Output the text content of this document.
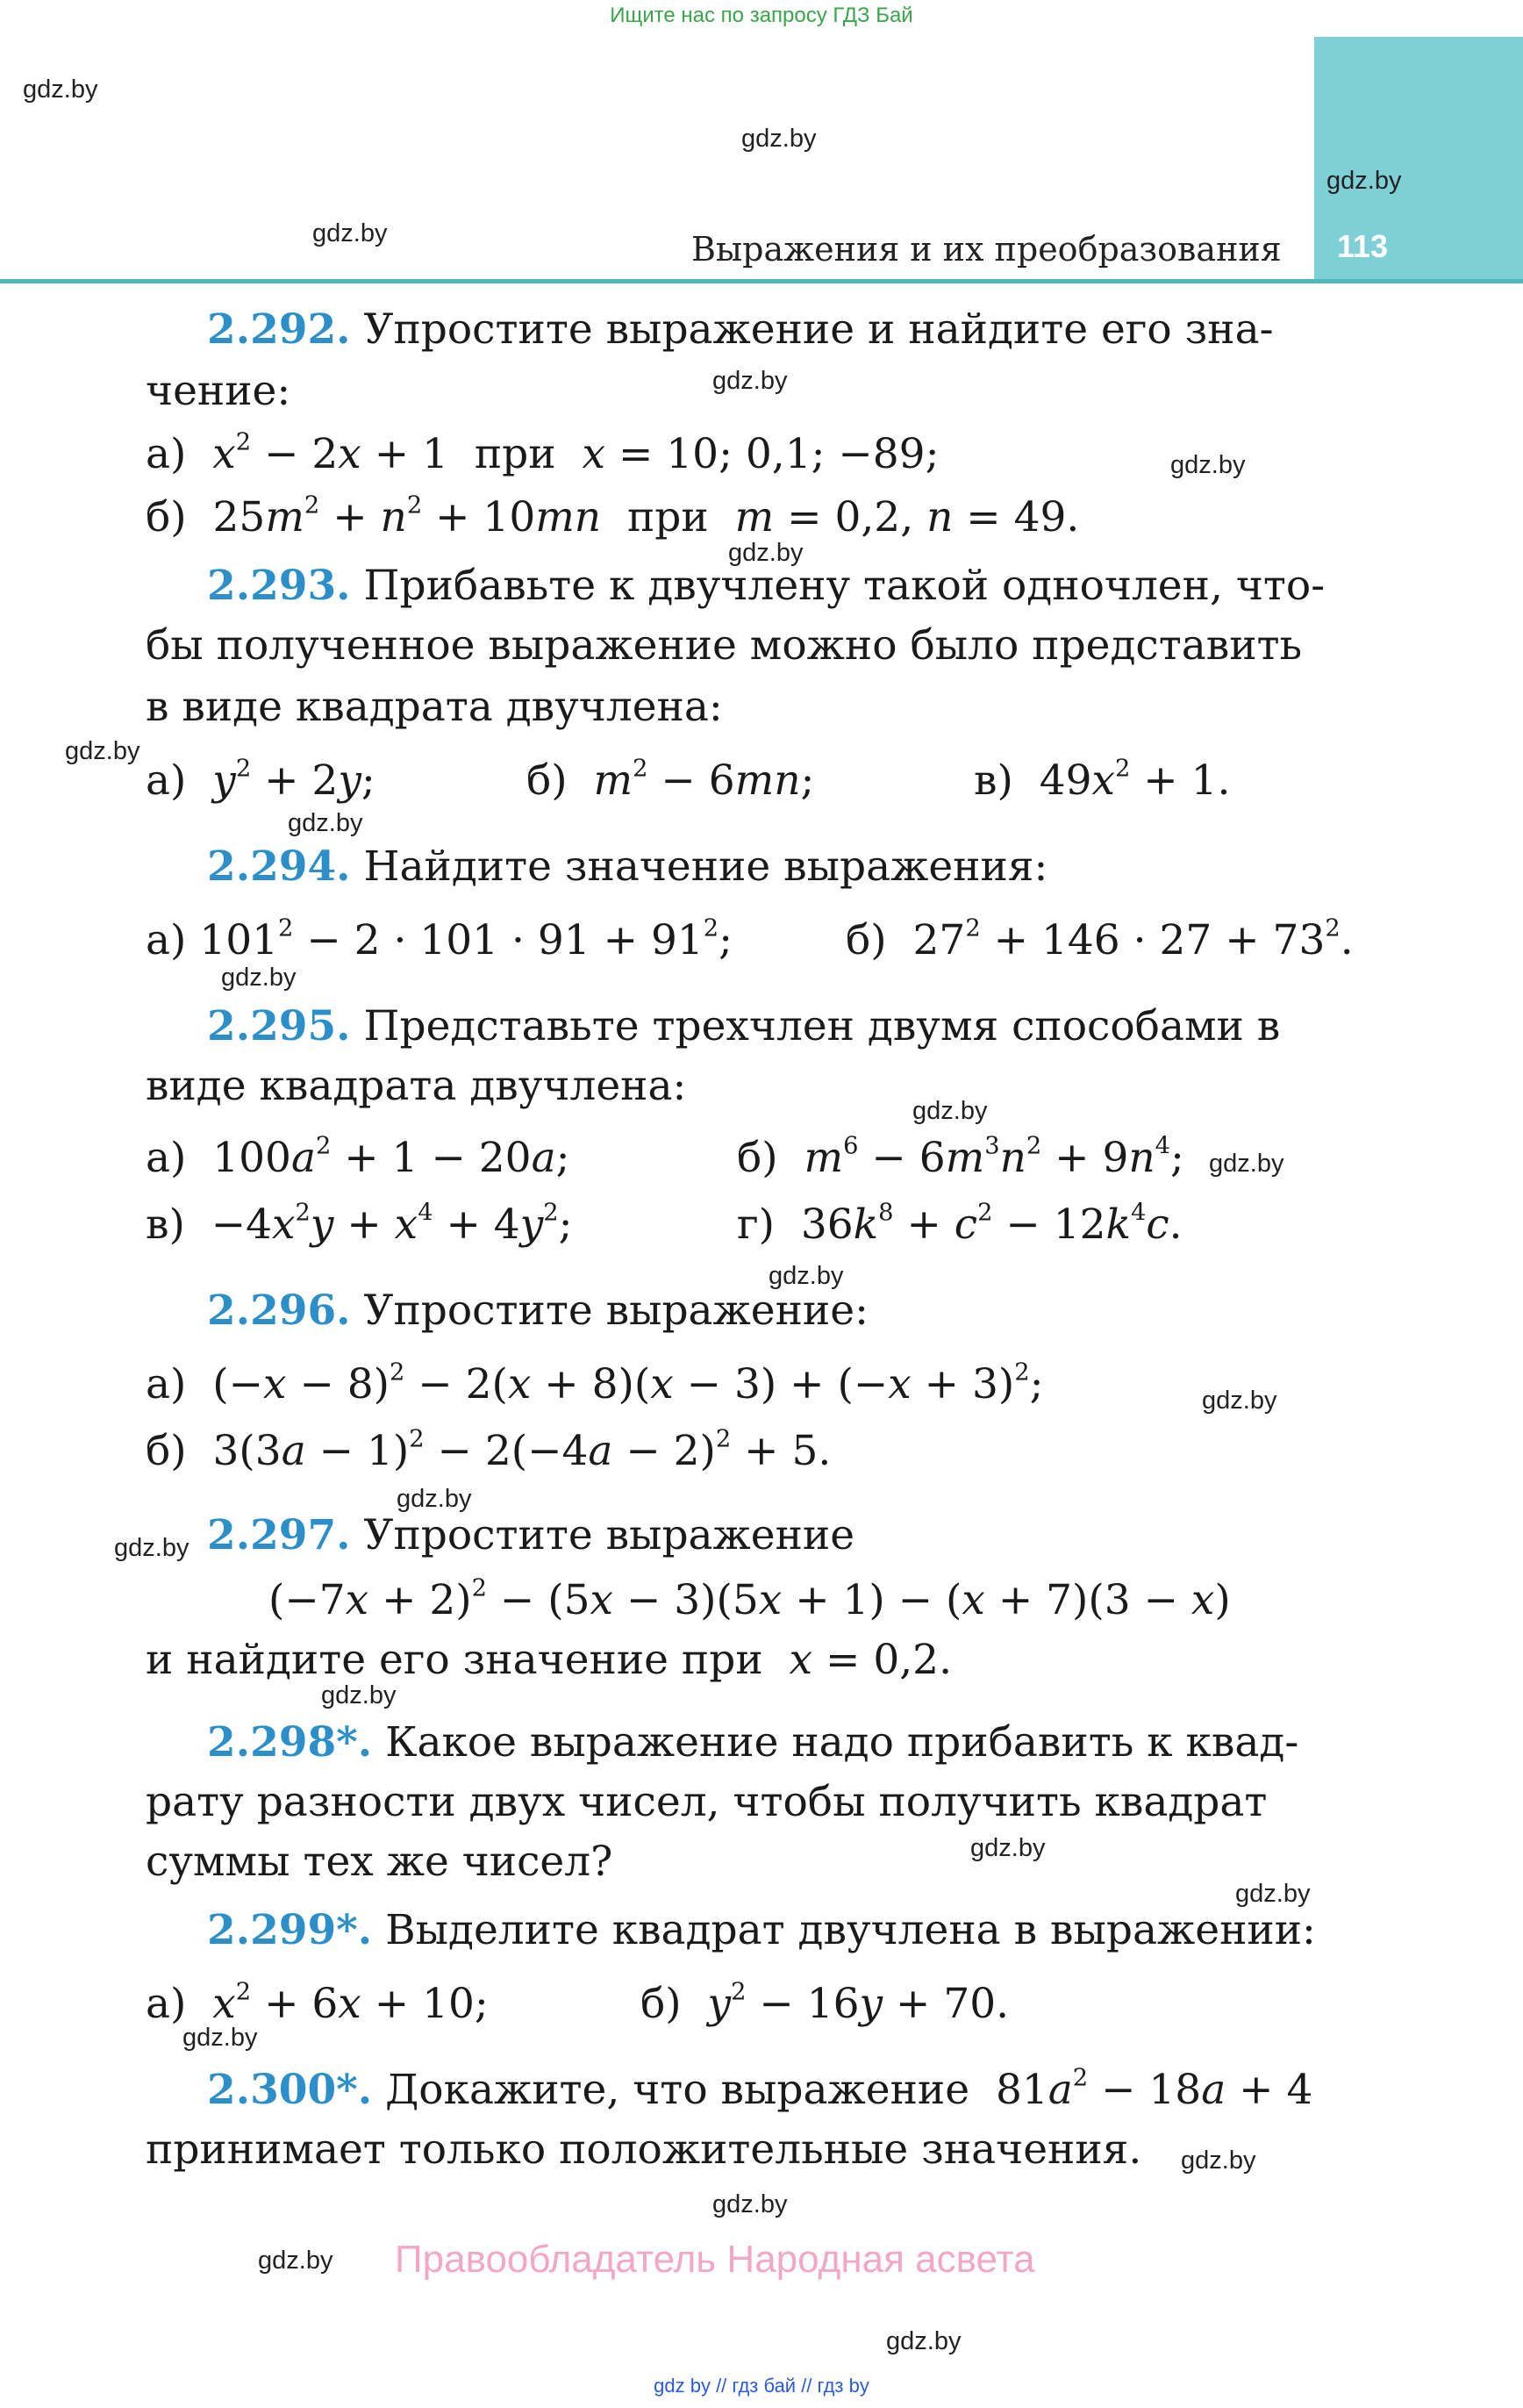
Ищите нас по запросу ГДЗ Бай
113
Выражения и их преобразования
gdz.by
gdz.by
gdz.by
gdz.by
gdz.by
gdz.by
gdz.by
gdz.by
gdz.by
gdz.by
gdz.by
gdz.by
gdz.by
gdz.by
gdz.by
gdz.by
gdz.by
gdz.by
gdz.by
gdz.by
gdz.by
gdz.by
gdz.by
gdz.by
2.292. Упростите выражение и найдите его зна-
чение:
а) $x^2 - 2x + 1$  при x = 10; 0,1; −89;
б)  $25m^2 + n^2 + 10mn$ при m = 0,2, n = 49.
2.293. Прибавьте к двучлену такой одночлен, что-
бы полученное выражение можно было представить
в виде квадрата двучлена:
а) $y^2 + 2y$;	б) $m^2 - 6mn$;	в)  $49x^2 + 1$.
2.294. Найдите значение выражения:
а) $101^2 - 2 \cdot 101 \cdot 91 + 91^2$;	б)  $27^2 + 146 \cdot 27 + 73^2$.
2.295. Представьте трехчлен двумя способами в
виде квадрата двучлена:
а)  $100a^2 + 1 - 20a$;	б) $m^6 - 6m^3n^2 + 9n^4$;
$в) -4x^2y + x^4 + 4y^2$;	г)  $36k^8 + c^2 - 12k^4c$.
2.296. Упростите выражение:
а)  $(-x - 8)^2 - 2(x + 8)(x - 3) + (-x + 3)^2$;
б)  $3(3a - 1)^2 - 2(-4a - 2)^2 + 5$.
2.297. Упростите выражение
$(-7x + 2)^2 - (5x - 3)(5x + 1) - (x + 7)(3 - x)$
и найдите его значение при x = 0,2.
2.298*. Какое выражение надо прибавить к квад-
рату разности двух чисел, чтобы получить квадрат
суммы тех же чисел?
2.299*. Выделите квадрат двучлена в выражении:
а) $x^2 + 6x + 10$;	б) $y^2 - 16y + 70$.
2.300*. Докажите, что выражение  $81a^2 - 18a + 4$
принимает только положительные значения.
Правообладатель Народная асвета
gdz by // гдз бай // гдз by
